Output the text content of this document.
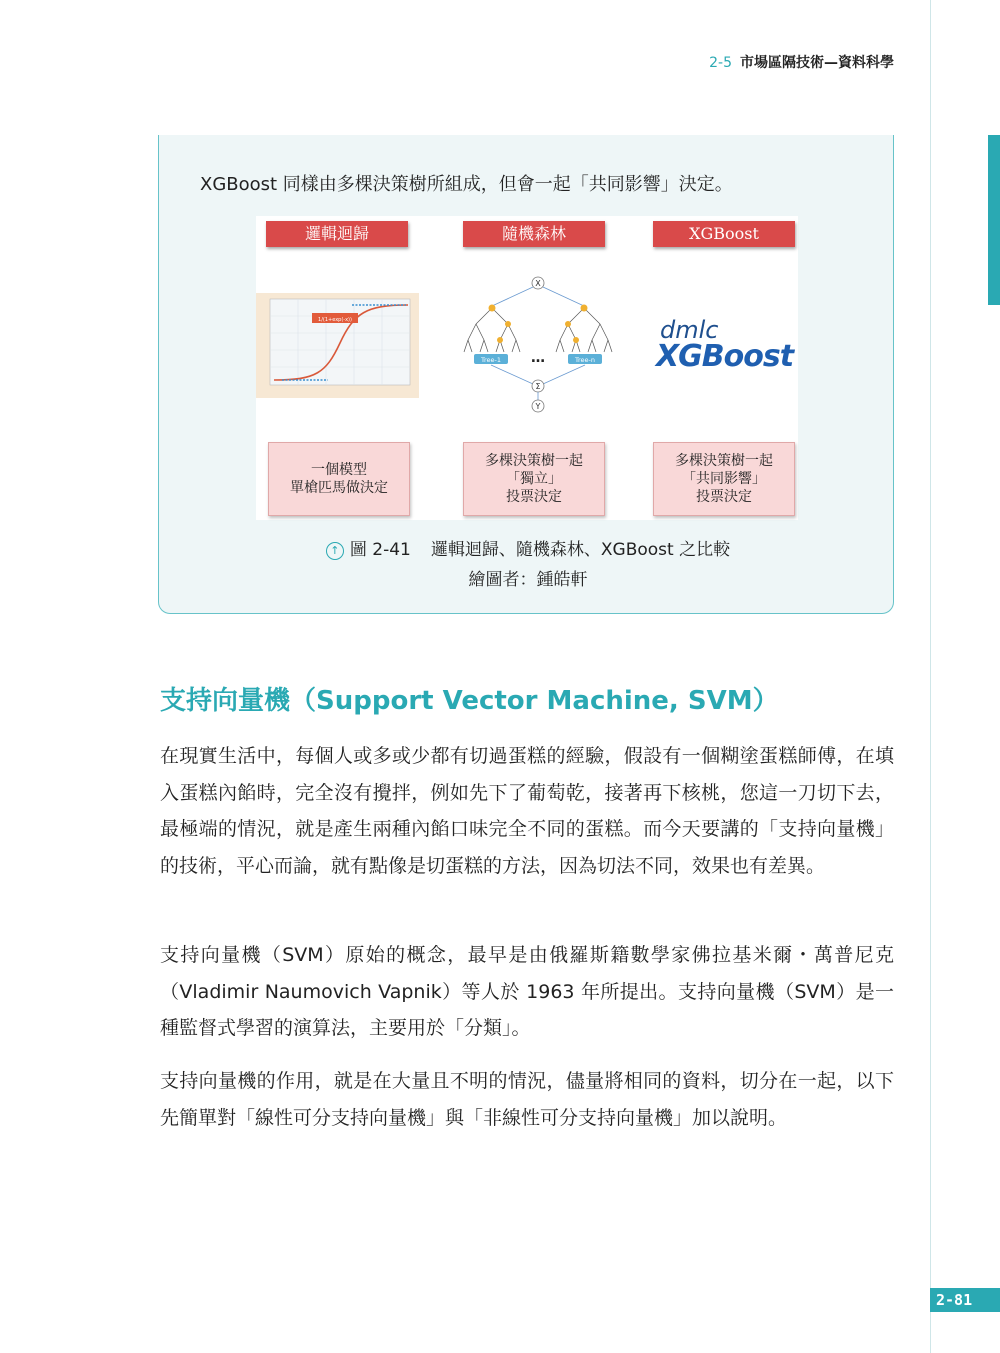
2-5 市場區隔技術—資料科學
XGBoost 同樣由多棵決策樹所組成，但會一起「共同影響」決定。
邏輯迴歸	隨機森林	XGBoost
1/(1+exp(-x))
X
Tree-1	Tree-n
…
Σ
Y
dmlc
XGBoost
一個模型
單槍匹馬做決定
多棵決策樹一起
「獨立」
投票決定
多棵決策樹一起
「共同影響」
投票決定
↑ 圖 2-41 邏輯迴歸、隨機森林、XGBoost 之比較
繪圖者：鍾皓軒
支持向量機（Support Vector Machine, SVM）

在現實生活中，每個人或多或少都有切過蛋糕的經驗，假設有一個糊塗蛋糕師傅，在填入蛋糕內餡時，完全沒有攪拌，例如先下了葡萄乾，接著再下核桃，您這一刀切下去，最極端的情況，就是產生兩種內餡口味完全不同的蛋糕。而今天要講的「支持向量機」的技術，平心而論，就有點像是切蛋糕的方法，因為切法不同，效果也有差異。

支持向量機（SVM）原始的概念，最早是由俄羅斯籍數學家佛拉基米爾・萬普尼克（Vladimir Naumovich Vapnik）等人於 1963 年所提出。支持向量機（SVM）是一種監督式學習的演算法，主要用於「分類」。

支持向量機的作用，就是在大量且不明的情況，儘量將相同的資料，切分在一起，以下先簡單對「線性可分支持向量機」與「非線性可分支持向量機」加以說明。

2-81
